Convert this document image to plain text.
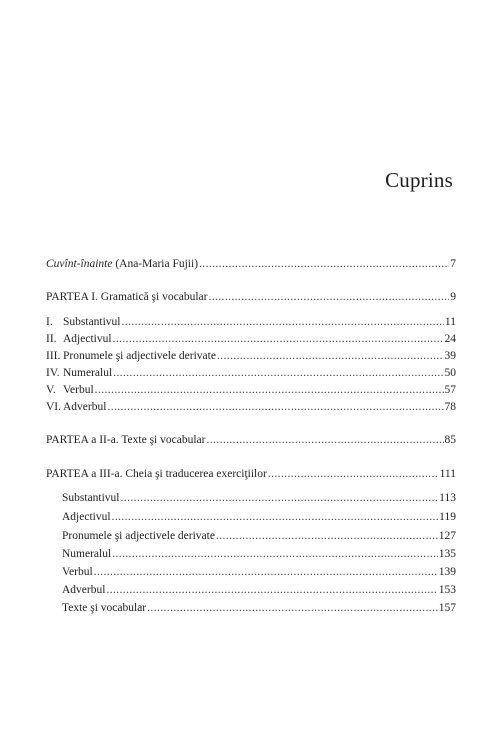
Cuprins
Cuvînt-înainte (Ana-Maria Fujii) .....	7
PARTEA I. Gramatică şi vocabular .....	9
I. Substantivul .....	11
II. Adjectivul .....	24
III. Pronumele şi adjectivele derivate .....	39
IV. Numeralul .....	50
V. Verbul .....	57
VI. Adverbul .....	78
PARTEA a II-a. Texte şi vocabular .....	85
PARTEA a III-a. Cheia şi traducerea exerciţiilor .....	111
Substantivul .....	113
Adjectivul .....	119
Pronumele şi adjectivele derivate .....	127
Numeralul .....	135
Verbul .....	139
Adverbul .....	153
Texte şi vocabular .....	157
